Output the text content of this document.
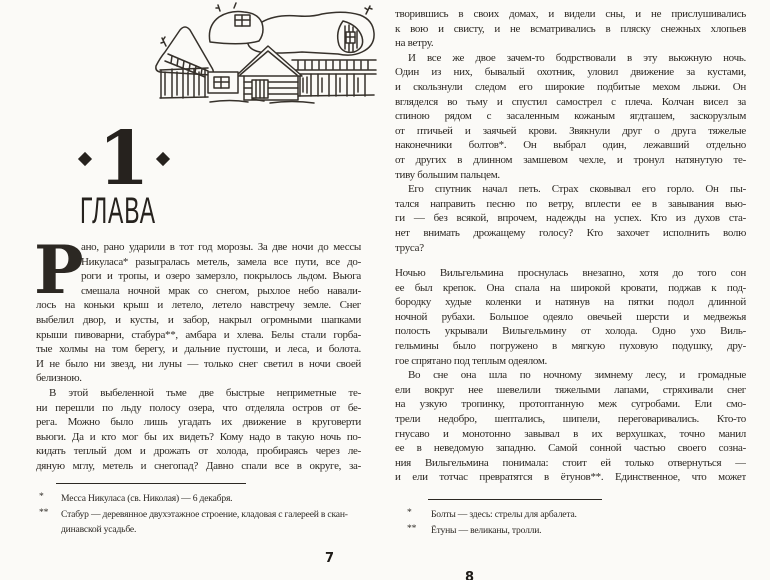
1
ГЛАВА
Р
ано, рано ударили в тот год морозы. За две ночи до мессы
Никуласа* разыгралась метель, замела все пути, все до-
роги и тропы, и озеро замерзло, покрылось льдом. Вьюга
смешала ночной мрак со снегом, рыхлое небо навали-
лось на коньки крыш и летело, летело навстречу земле. Снег
выбелил двор, и кусты, и забор, накрыл огромными шапками
крыши пивоварни, стабура**, амбара и хлева. Белы стали горба-
тые холмы на том берегу, и дальние пустоши, и леса, и болота.
И не было ни звезд, ни луны — только снег светил в ночи своей
белизною.
В этой выбеленной тьме две быстрые неприметные те-
ни перешли по льду полосу озера, что отделяла остров от бе-
рега. Можно было лишь угадать их движение в круговерти
вьюги. Да и кто мог бы их видеть? Кому надо в такую ночь по-
кидать теплый дом и дрожать от холода, пробираясь через ле-
дяную мглу, метель и снегопад? Давно спали все в округе, за-
* Месса Никуласа (св. Николая) — 6 декабря.
** Стабур — деревянное двухэтажное строение, кладовая с галереей в скан-
динавской усадьбе.
7
творившись в своих домах, и видели сны, и не прислушивались
к вою и свисту, и не всматривались в пляску снежных хлопьев
на ветру.
И все же двое зачем-то бодрствовали в эту вьюжную ночь.
Один из них, бывалый охотник, уловил движение за кустами,
и скользнули следом его широкие подбитые мехом лыжи. Он
вгляделся во тьму и спустил самострел с плеча. Колчан висел за
спиною рядом с засаленным кожаным ягдташем, заскорузлым
от птичьей и заячьей крови. Звякнули друг о друга тяжелые
наконечники болтов*. Он выбрал один, лежавший отдельно
от других в длинном замшевом чехле, и тронул натянутую те-
тиву большим пальцем.
Его спутник начал петь. Страх сковывал его горло. Он пы-
тался направить песню по ветру, вплести ее в завывания вью-
ги — без всякой, впрочем, надежды на успех. Кто из духов ста-
нет внимать дрожащему голосу? Кто захочет исполнить волю
труса?
Ночью Вильгельмина проснулась внезапно, хотя до того сон
ее был крепок. Она спала на широкой кровати, поджав к под-
бородку худые коленки и натянув на пятки подол длинной
ночной рубахи. Большое одеяло овечьей шерсти и медвежья
полость укрывали Вильгельмину от холода. Одно ухо Виль-
гельмины было погружено в мягкую пуховую подушку, дру-
гое спрятано под теплым одеялом.
Во сне она шла по ночному зимнему лесу, и громадные
ели вокруг нее шевелили тяжелыми лапами, стряхивали снег
на узкую тропинку, протоптанную меж сугробами. Ели смо-
трели недобро, шептались, шипели, переговаривались. Кто-то
гнусаво и монотонно завывал в их верхушках, точно манил
ее в неведомую западню. Самой сонной частью своего созна-
ния Вильгельмина понимала: стоит ей только отвернуться —
и ели тотчас превратятся в ётунов**. Единственное, что может
* Болты — здесь: стрелы для арбалета.
** Ётуны — великаны, тролли.
8
